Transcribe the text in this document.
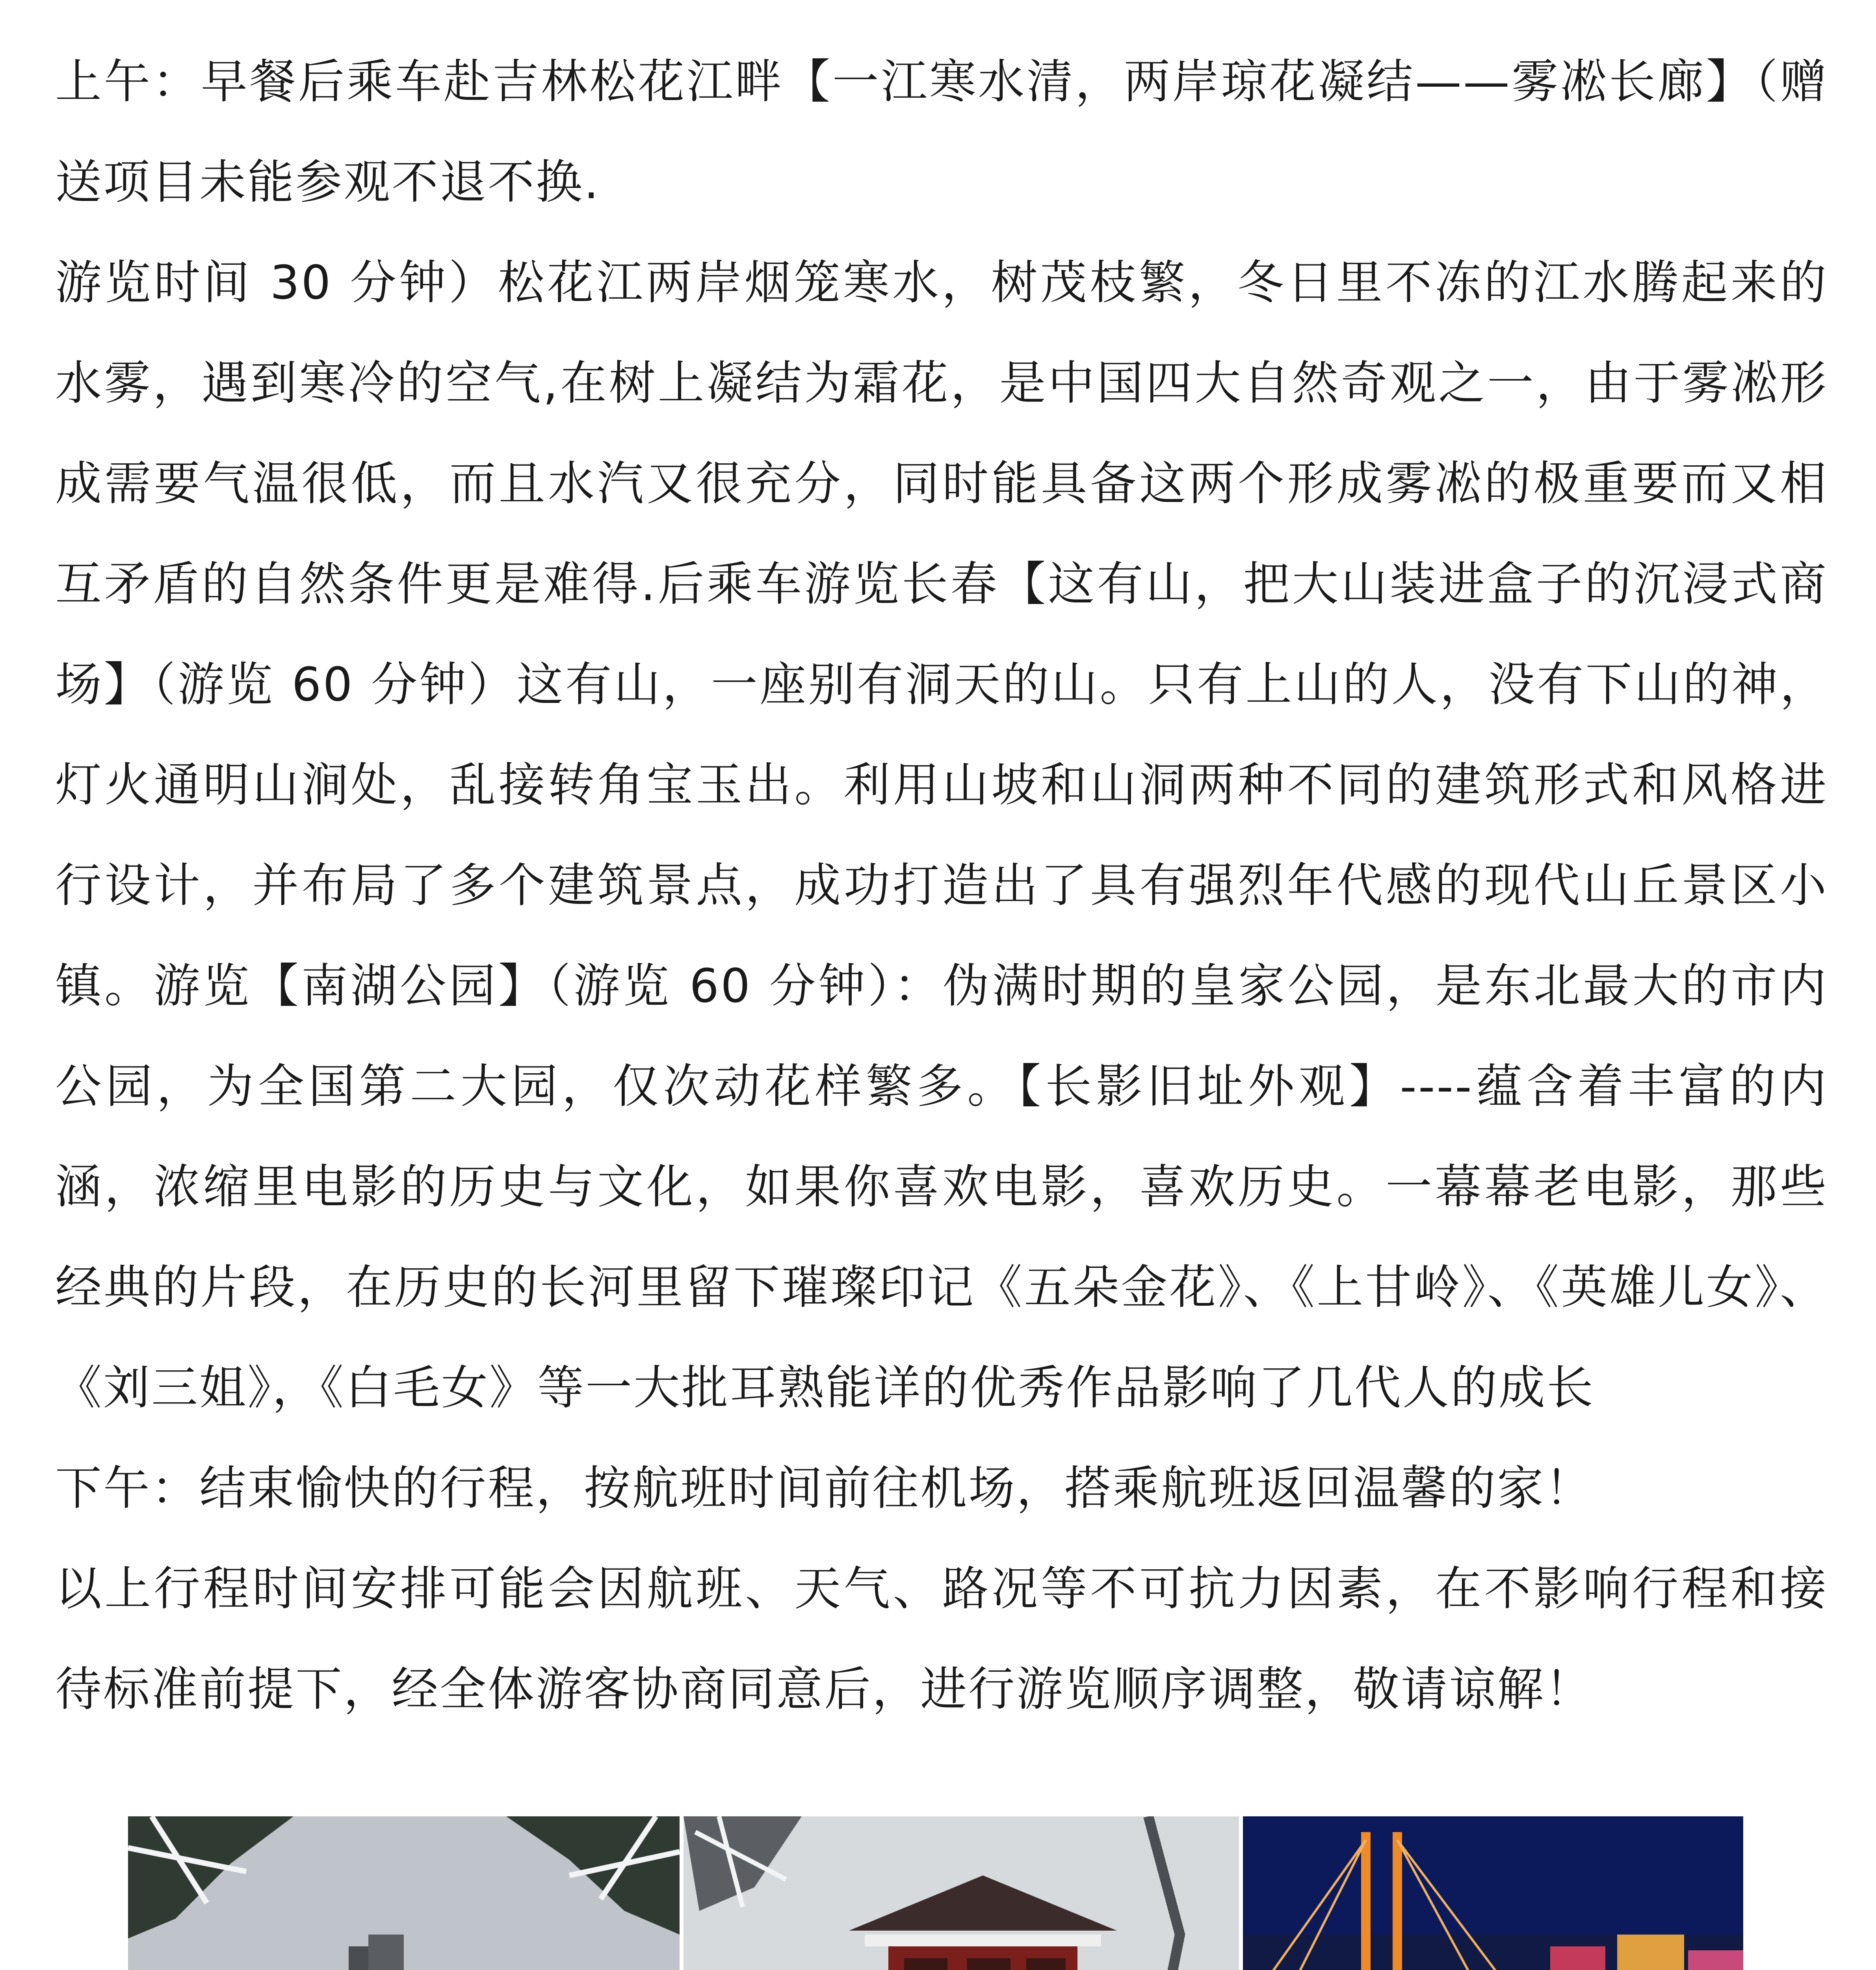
上午：早餐后乘车赴吉林松花江畔【一江寒水清，两岸琼花凝结——雾凇长廊】（赠送项目未能参观不退不换.

游览时间 30 分钟）松花江两岸烟笼寒水，树茂枝繁，冬日里不冻的江水腾起来的水雾，遇到寒冷的空气,在树上凝结为霜花，是中国四大自然奇观之一，由于雾凇形成需要气温很低，而且水汽又很充分，同时能具备这两个形成雾凇的极重要而又相互矛盾的自然条件更是难得.后乘车游览长春【这有山，把大山装进盒子的沉浸式商场】（游览 60 分钟）这有山，一座别有洞天的山。只有上山的人，没有下山的神，灯火通明山涧处，乱接转角宝玉出。利用山坡和山洞两种不同的建筑形式和风格进行设计，并布局了多个建筑景点，成功打造出了具有强烈年代感的现代山丘景区小镇。游览【南湖公园】（游览 60 分钟）：伪满时期的皇家公园，是东北最大的市内公园，为全国第二大园，仅次动花样繁多。【长影旧址外观】----蕴含着丰富的内涵，浓缩里电影的历史与文化，如果你喜欢电影，喜欢历史。一幕幕老电影，那些经典的片段，在历史的长河里留下璀璨印记《五朵金花》、《上甘岭》、《英雄儿女》、《刘三姐》，《白毛女》等一大批耳熟能详的优秀作品影响了几代人的成长

下午：结束愉快的行程，按航班时间前往机场，搭乘航班返回温馨的家！

以上行程时间安排可能会因航班、天气、路况等不可抗力因素，在不影响行程和接待标准前提下，经全体游客协商同意后，进行游览顺序调整，敬请谅解！
